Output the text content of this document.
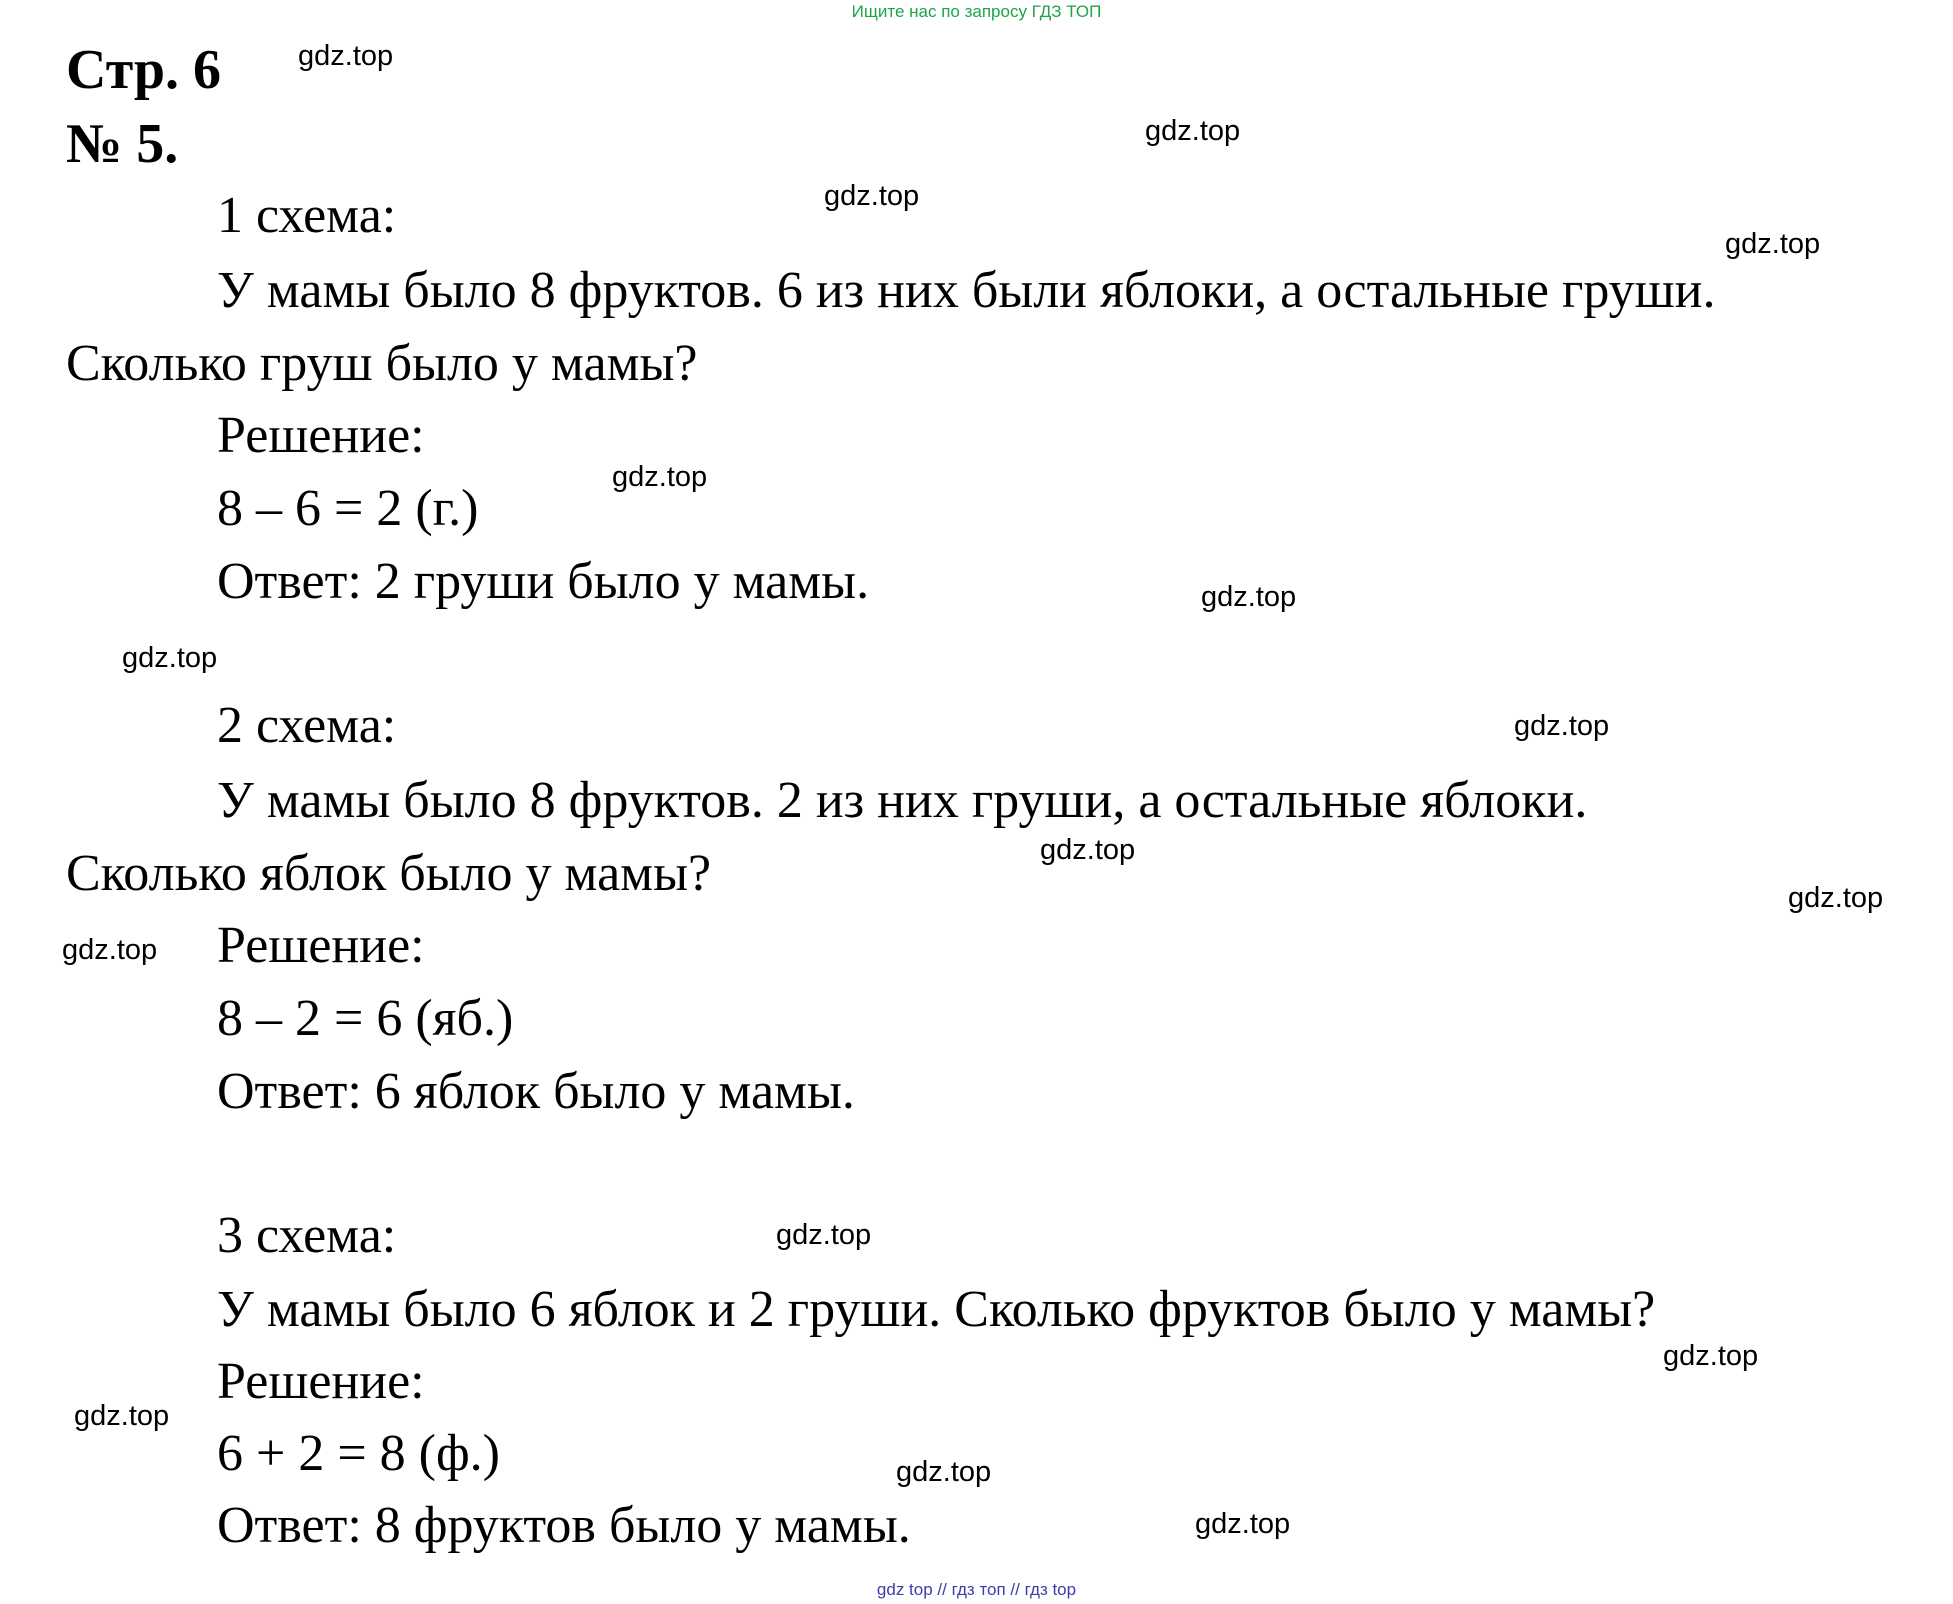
Ищите нас по запросу ГДЗ ТОП
Стр. 6
№ 5.
1 схема:
У мамы было 8 фруктов. 6 из них были яблоки, а остальные груши.
Сколько груш было у мамы?
Решение:
8 – 6 = 2 (г.)
Ответ: 2 груши было у мамы.
2 схема:
У мамы было 8 фруктов. 2 из них груши, а остальные яблоки.
Сколько яблок было у мамы?
Решение:
8 – 2 = 6 (яб.)
Ответ: 6 яблок было у мамы.
3 схема:
У мамы было 6 яблок и 2 груши. Сколько фруктов было у мамы?
Решение:
6 + 2 = 8 (ф.)
Ответ: 8 фруктов было у мамы.
gdz.top
gdz.top
gdz.top
gdz.top
gdz.top
gdz.top
gdz.top
gdz.top
gdz.top
gdz.top
gdz.top
gdz.top
gdz.top
gdz.top
gdz.top
gdz.top
gdz top // гдз топ // гдз top
